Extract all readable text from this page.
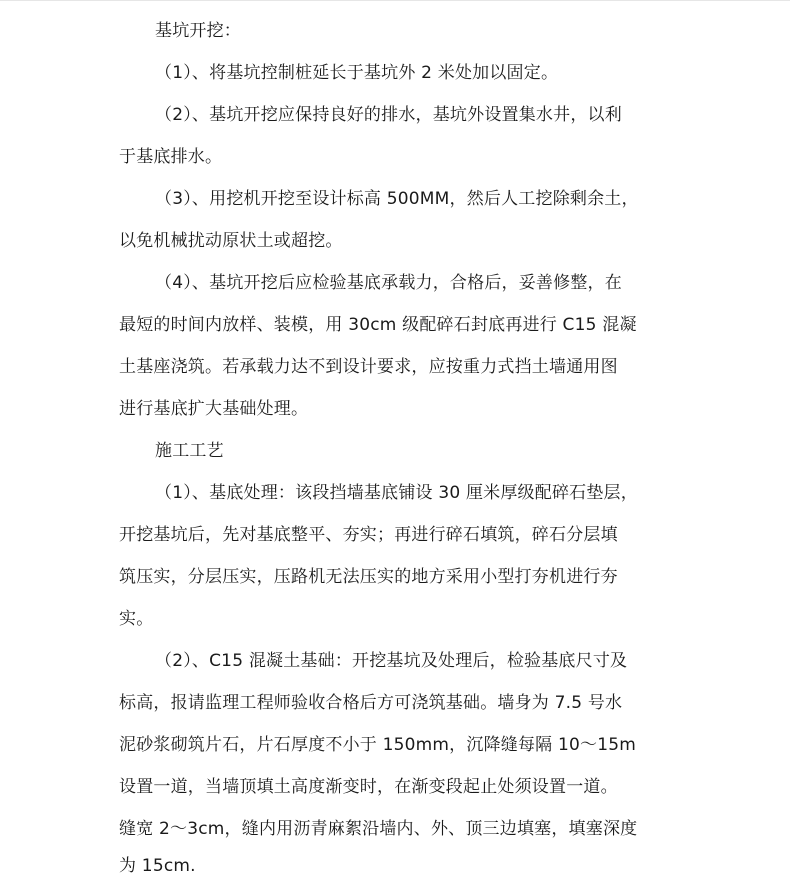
基坑开挖：
（1）、将基坑控制桩延长于基坑外 2 米处加以固定。
（2）、基坑开挖应保持良好的排水，基坑外设置集水井，以利
于基底排水。
（3）、用挖机开挖至设计标高 500MM，然后人工挖除剩余土，
以免机械扰动原状土或超挖。
（4）、基坑开挖后应检验基底承载力，合格后，妥善修整，在
最短的时间内放样、装模，用 30cm 级配碎石封底再进行 C15 混凝
土基座浇筑。若承载力达不到设计要求，应按重力式挡土墙通用图
进行基底扩大基础处理。
施工工艺
（1）、基底处理：该段挡墙基底铺设 30 厘米厚级配碎石垫层，
开挖基坑后，先对基底整平、夯实；再进行碎石填筑，碎石分层填
筑压实，分层压实，压路机无法压实的地方采用小型打夯机进行夯
实。
（2）、C15 混凝土基础：开挖基坑及处理后，检验基底尺寸及
标高，报请监理工程师验收合格后方可浇筑基础。墙身为 7.5 号水
泥砂浆砌筑片石，片石厚度不小于 150mm，沉降缝每隔 10～15m
设置一道，当墙顶填土高度渐变时，在渐变段起止处须设置一道。
缝宽 2～3cm，缝内用沥青麻絮沿墙内、外、顶三边填塞，填塞深度
为 15cm.
